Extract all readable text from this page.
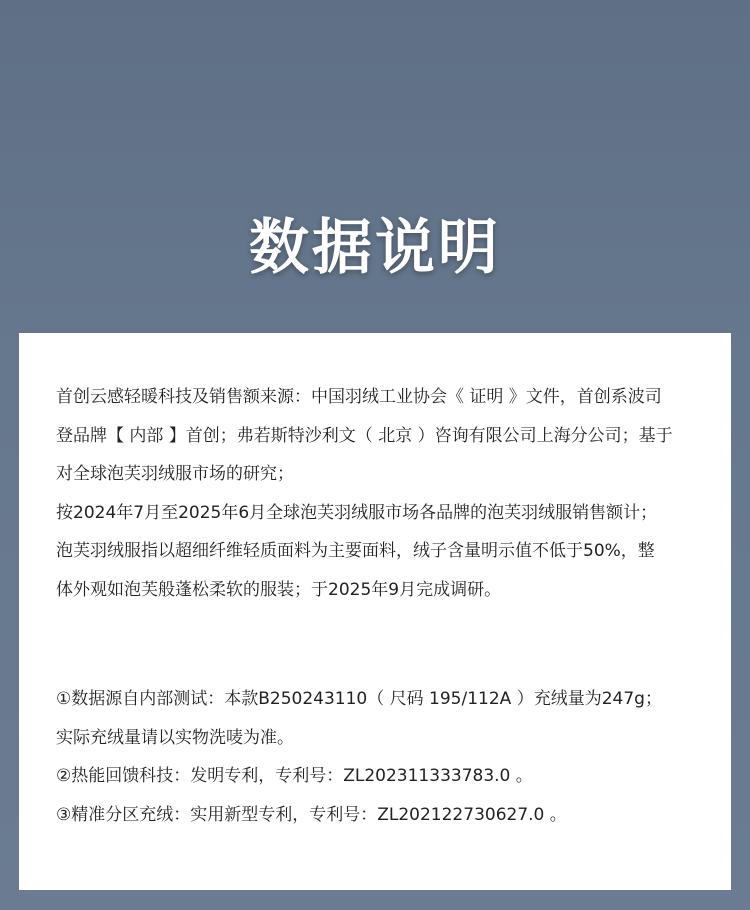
数据说明
首创云感轻暖科技及销售额来源：中国羽绒工业协会《 证明 》文件，首创系波司
登品牌【 内部 】首创；弗若斯特沙利文（ 北京 ）咨询有限公司上海分公司；基于
对全球泡芙羽绒服市场的研究；
按2024年7月至2025年6月全球泡芙羽绒服市场各品牌的泡芙羽绒服销售额计；
泡芙羽绒服指以超细纤维轻质面料为主要面料，绒子含量明示值不低于50%，整
体外观如泡芙般蓬松柔软的服装；于2025年9月完成调研。
①数据源自内部测试：本款B250243110（ 尺码 195/112A ）充绒量为247g；
实际充绒量请以实物洗唛为准。
②热能回馈科技：发明专利，专利号：ZL202311333783.0 。
③精准分区充绒：实用新型专利，专利号：ZL202122730627.0 。
